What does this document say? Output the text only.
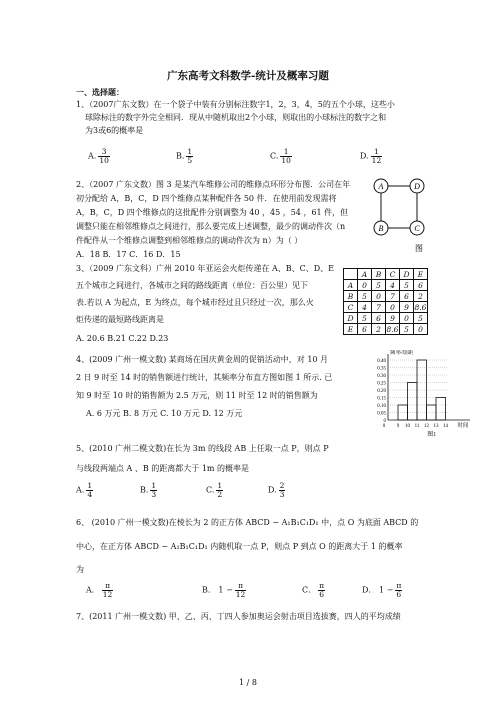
广东高考文科数学-统计及概率习题
一、选择题：
1、（2007广东文数）在一个袋子中装有分别标注数字1，2，3，4，5的五个小球，这些小
球除标注的数字外完全相同．现从中随机取出2个小球，则取出的小球标注的数字之和
为3或6的概率是
A. $\frac{3}{10}$	B. $\frac{1}{5}$	C. $\frac{1}{10}$	D. $\frac{1}{12}$
2、（2007 广东文数）图 3 是某汽车维修公司的维修点环形分布图．公司在年
初分配给 A，B，C，D 四个维修点某种配件各 50 件．在使用前发现需将
A，B，C，D 四个维修点的这批配件分别调整为 40 ，45 ，54 ，61 件，但
调整只能在相邻维修点之间进行，那么要完成上述调整，最少的调动件次（n
件配件从一个维修点调整到相邻维修点的调动件次为 n）为（ ）
A．18 B．17 C．16 D．15
A	D
B	C
图
3、（2009 广东文科）广州 2010 年亚运会火炬传递在 A、B、C、D、E
五个城市之间进行，各城市之间的路线距离（单位：百公里）见下
表.若以 A 为起点，E 为终点，每个城市经过且只经过一次，那么火
炬传递的最短路线距离是
A. 20.6 B.21 C.22 D.23
	A	B	C	D	E
A	0	5	4	5	6
B	5	0	7	6	2
C	4	7	0	9	8.6
D	5	6	9	0	5
E	6	2	8.6	5	0
4、(2009 广州一模文数) 某商场在国庆黄金周的促销活动中，对 10 月
2 日 9 时至 14 时的销售额进行统计，其频率分布直方图如图 1 所示. 已
知 9 时至 10 时的销售额为 2.5 万元，则 11 时至 12 时的销售额为
A. 6 万元 B. 8 万元 C. 10 万元 D. 12 万元
频率/组距
0.40
0.35
0.30
0.25
0.20
0.15
0.10
0.05
0
9 10 11 12 13 14
0	时间
图1
5、(2010 广州二模文数)在长为 3m 的线段 AB 上任取一点 P，则点 P
与线段两端点 A 、B 的距离都大于 1m 的概率是
A. $\frac{1}{4}$	B. $\frac{1}{3}$	C. $\frac{1}{2}$	D. $\frac{2}{3}$
6、 (2010 广州一模文数)在棱长为 2 的正方体 ABCD − A₁B₁C₁D₁ 中，点 O 为底面 ABCD 的
中心，在正方体 ABCD − A₁B₁C₁D₁ 内随机取一点 P，则点 P 到点 O 的距离大于 1 的概率
为
A． $\frac{\pi}{12}$	B． $1 - \frac{\pi}{12}$	C． $\frac{\pi}{6}$	D． $1 - \frac{\pi}{6}$
7、(2011 广州一模文数) 甲、乙、丙、丁四人参加奥运会射击项目选拔赛，四人的平均成绩
1 / 8
